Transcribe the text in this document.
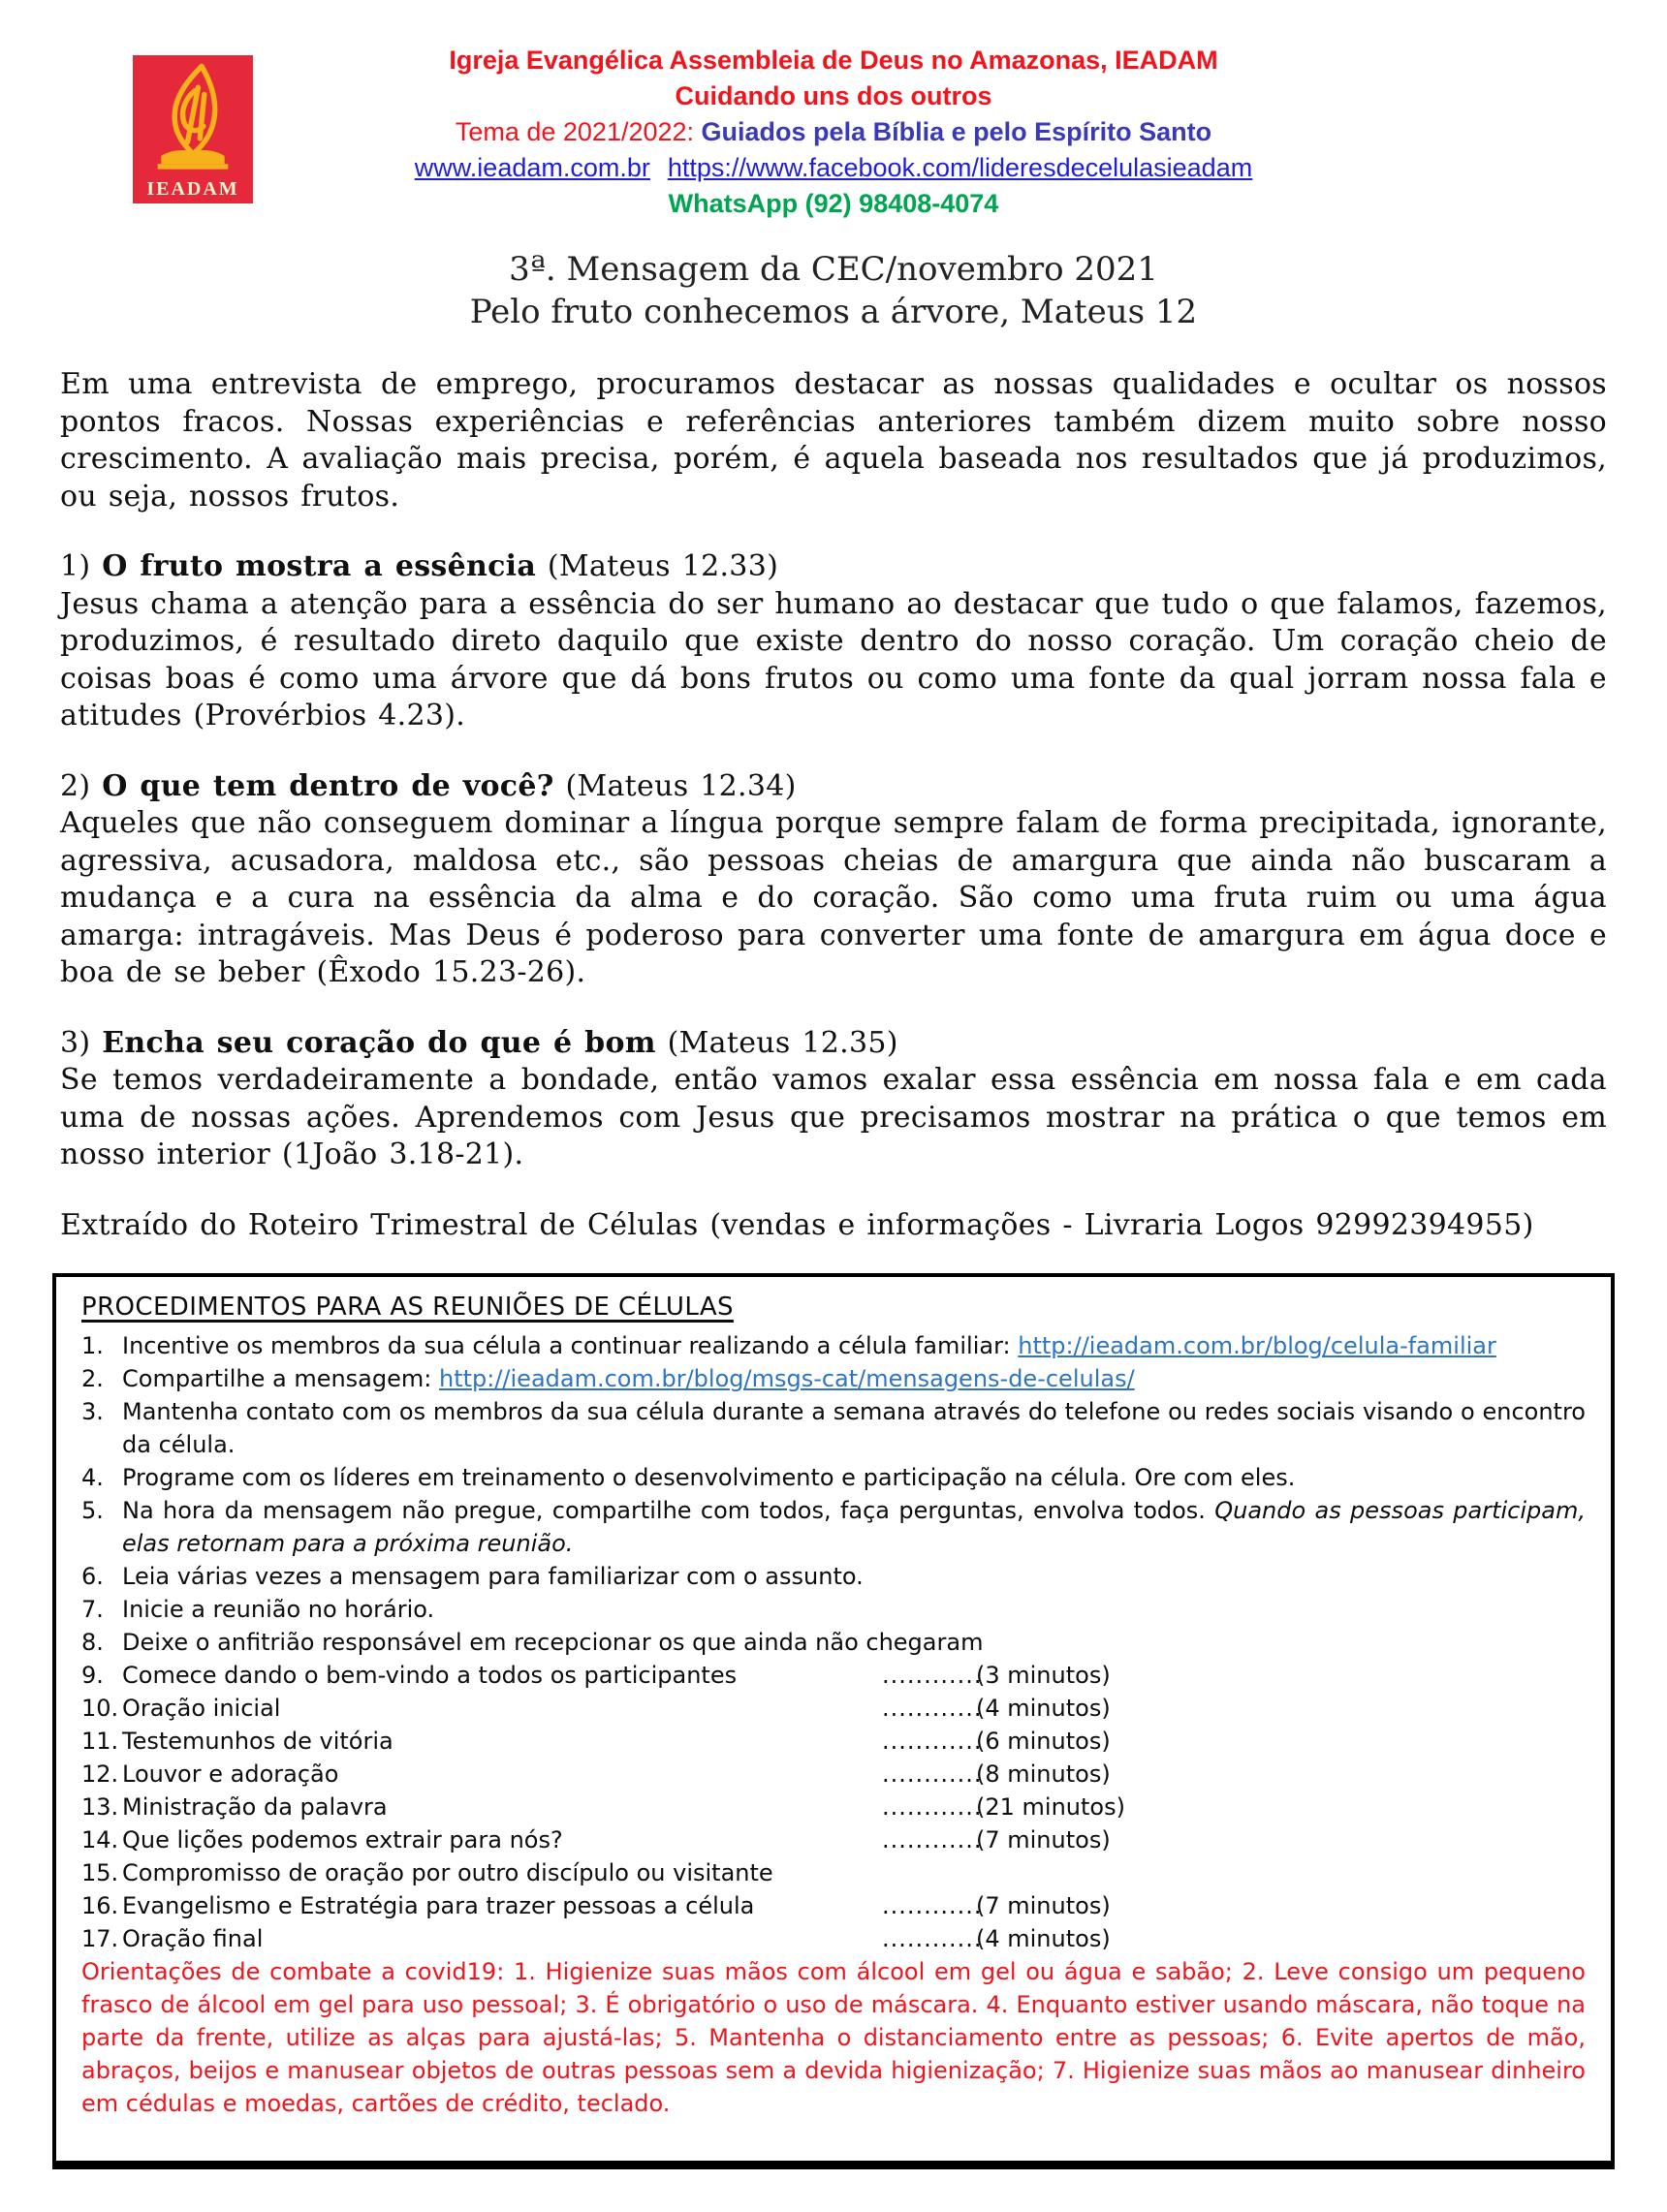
IEADAM
Igreja Evangélica Assembleia de Deus no Amazonas, IEADAM
Cuidando uns dos outros
Tema de 2021/2022: Guiados pela Bíblia e pelo Espírito Santo
www.ieadam.com.br https://www.facebook.com/lideresdecelulasieadam
WhatsApp (92) 98408-4074
3ª. Mensagem da CEC/novembro 2021
Pelo fruto conhecemos a árvore, Mateus 12

Em uma entrevista de emprego, procuramos destacar as nossas qualidades e ocultar os nossos pontos fracos. Nossas experiências e referências anteriores também dizem muito sobre nosso crescimento. A avaliação mais precisa, porém, é aquela baseada nos resultados que já produzimos, ou seja, nossos frutos.

1) O fruto mostra a essência (Mateus 12.33)
Jesus chama a atenção para a essência do ser humano ao destacar que tudo o que falamos, fazemos, produzimos, é resultado direto daquilo que existe dentro do nosso coração. Um coração cheio de coisas boas é como uma árvore que dá bons frutos ou como uma fonte da qual jorram nossa fala e atitudes (Provérbios 4.23).
2) O que tem dentro de você? (Mateus 12.34)
Aqueles que não conseguem dominar a língua porque sempre falam de forma precipitada, ignorante, agressiva, acusadora, maldosa etc., são pessoas cheias de amargura que ainda não buscaram a mudança e a cura na essência da alma e do coração. São como uma fruta ruim ou uma água amarga: intragáveis. Mas Deus é poderoso para converter uma fonte de amargura em água doce e boa de se beber (Êxodo 15.23-26).
3) Encha seu coração do que é bom (Mateus 12.35)
Se temos verdadeiramente a bondade, então vamos exalar essa essência em nossa fala e em cada uma de nossas ações. Aprendemos com Jesus que precisamos mostrar na prática o que temos em nosso interior (1João 3.18-21).

Extraído do Roteiro Trimestral de Células (vendas e informações - Livraria Logos 92992394955)

PROCEDIMENTOS PARA AS REUNIÕES DE CÉLULAS
1. Incentive os membros da sua célula a continuar realizando a célula familiar: http://ieadam.com.br/blog/celula-familiar
2. Compartilhe a mensagem: http://ieadam.com.br/blog/msgs-cat/mensagens-de-celulas/
3. Mantenha contato com os membros da sua célula durante a semana através do telefone ou redes sociais visando o encontro da célula.
4. Programe com os líderes em treinamento o desenvolvimento e participação na célula. Ore com eles.
5. Na hora da mensagem não pregue, compartilhe com todos, faça perguntas, envolva todos. Quando as pessoas participam, elas retornam para a próxima reunião.
6. Leia várias vezes a mensagem para familiarizar com o assunto.
7. Inicie a reunião no horário.
8. Deixe o anfitrião responsável em recepcionar os que ainda não chegaram
9. Comece dando o bem-vindo a todos os participantes	............
(3 minutos)
10. Oração inicial	............
(4 minutos)
11. Testemunhos de vitória	............
(6 minutos)
12. Louvor e adoração	............
(8 minutos)
13. Ministração da palavra	............
(21 minutos)
14. Que lições podemos extrair para nós?	............
(7 minutos)
15. Compromisso de oração por outro discípulo ou visitante
16. Evangelismo e Estratégia para trazer pessoas a célula	............
(7 minutos)
17. Oração final	............
(4 minutos)
Orientações de combate a covid19: 1. Higienize suas mãos com álcool em gel ou água e sabão; 2. Leve consigo um pequeno frasco de álcool em gel para uso pessoal; 3. É obrigatório o uso de máscara. 4. Enquanto estiver usando máscara, não toque na parte da frente, utilize as alças para ajustá-las; 5. Mantenha o distanciamento entre as pessoas; 6. Evite apertos de mão, abraços, beijos e manusear objetos de outras pessoas sem a devida higienização; 7. Higienize suas mãos ao manusear dinheiro em cédulas e moedas, cartões de crédito, teclado.
